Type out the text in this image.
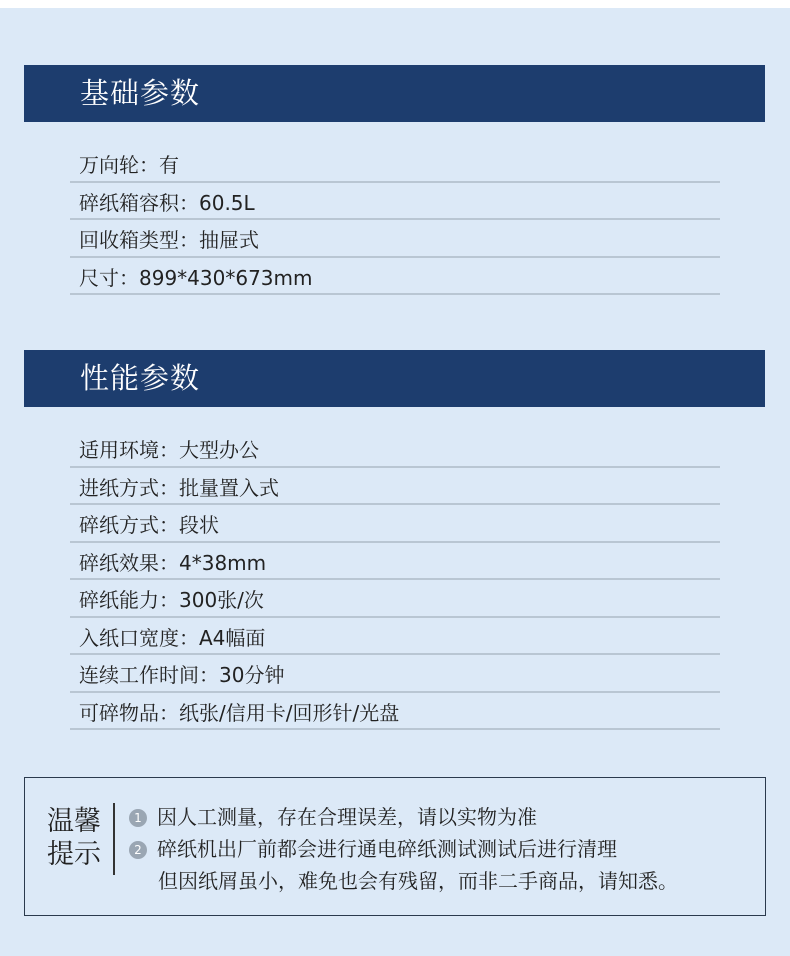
基础参数
万向轮：有
碎纸箱容积：60.5L
回收箱类型：抽屉式
尺寸：899*430*673mm
性能参数
适用环境：大型办公
进纸方式：批量置入式
碎纸方式：段状
碎纸效果：4*38mm
碎纸能力：300张/次
入纸口宽度：A4幅面
连续工作时间：30分钟
可碎物品：纸张/信用卡/回形针/光盘
温馨提示
1 因人工测量，存在合理误差，请以实物为准
2 碎纸机出厂前都会进行通电碎纸测试测试后进行清理
但因纸屑虽小，难免也会有残留，而非二手商品，请知悉。
